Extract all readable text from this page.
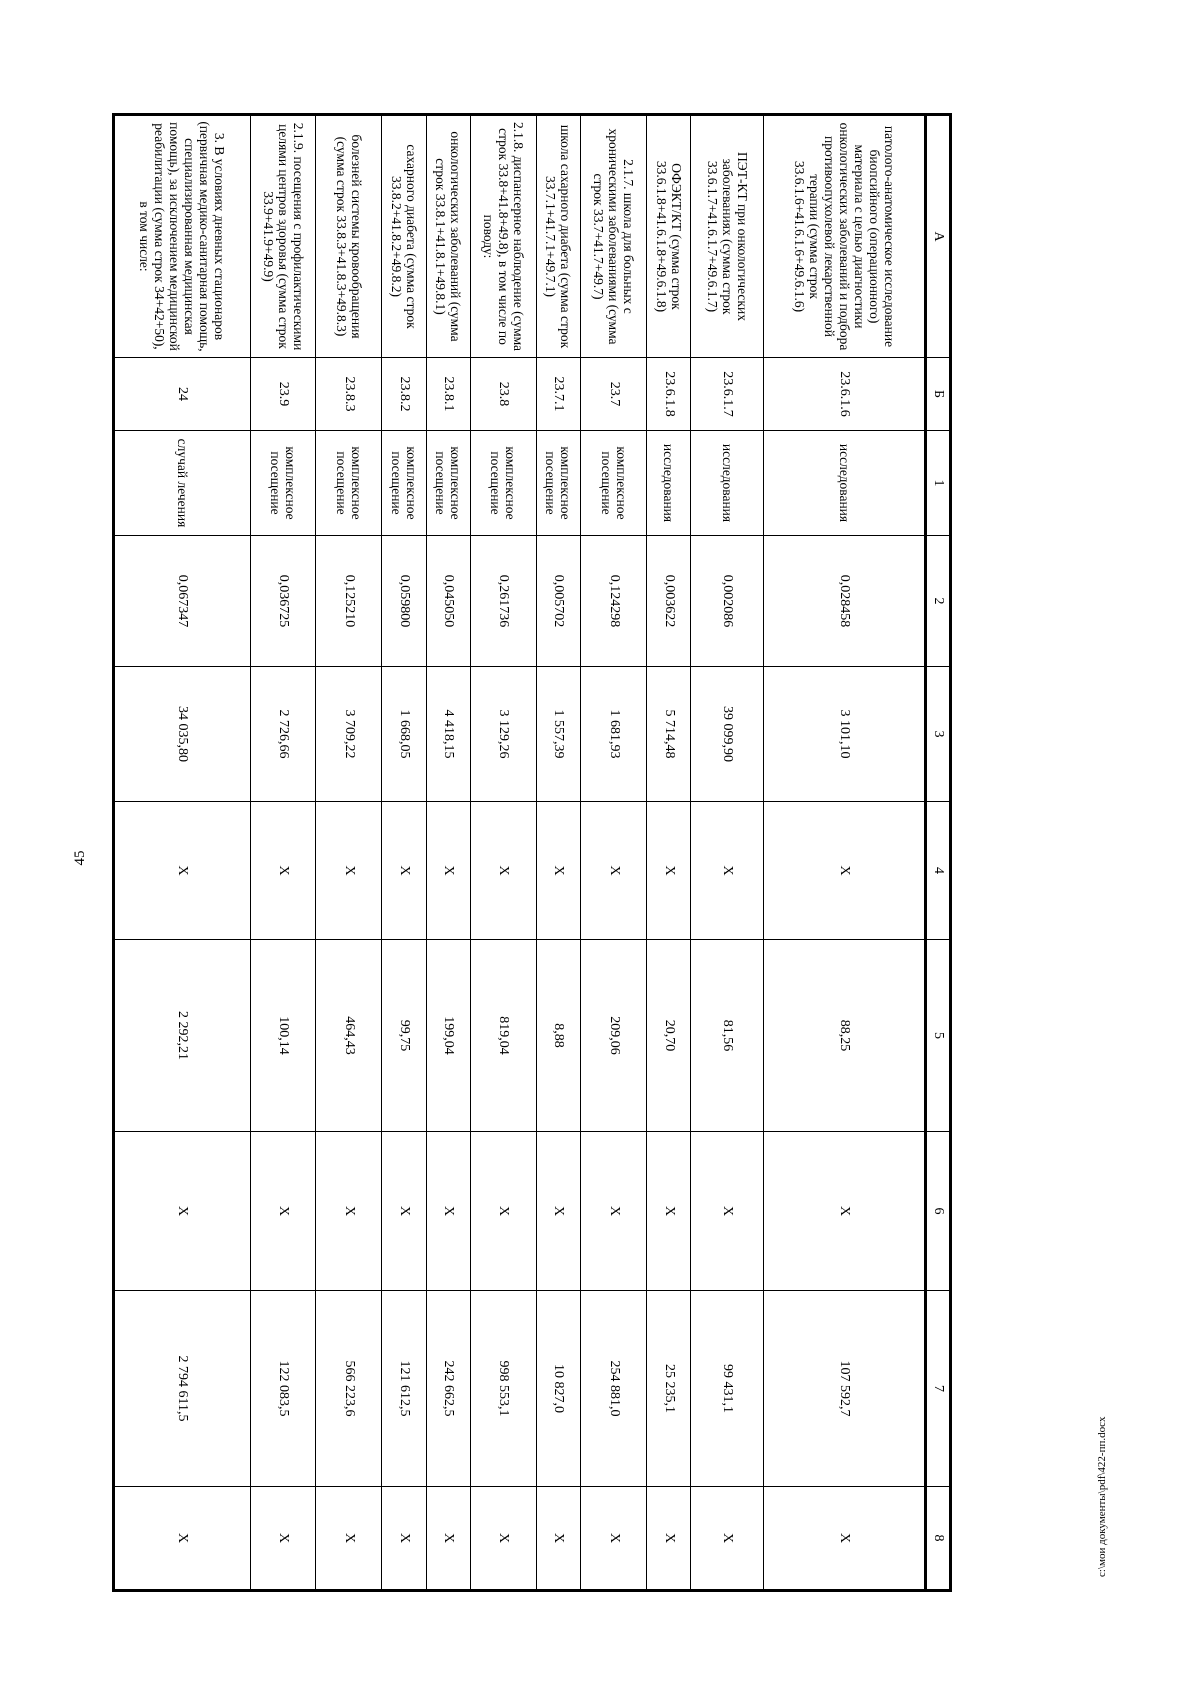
45
А	Б	1	2	3	4	5	6	7	8
патолого-анатомическое исследование биопсийного (операционного) материала с целью диагностики онкологических заболеваний и подбора противоопухолевой лекарственной терапии (сумма строк 33.6.1.6+41.6.1.6+49.6.1.6)	23.6.1.6	исследования	0,028458	3 101,10	Х	88,25	Х	107 592,7	Х
ПЭТ-КТ при онкологических заболеваниях (сумма строк 33.6.1.7+41.6.1.7+49.6.1.7)	23.6.1.7	исследования	0,002086	39 099,90	Х	81,56	Х	99 431,1	Х
ОФЭКТ/КТ (сумма строк 33.6.1.8+41.6.1.8+49.6.1.8)	23.6.1.8	исследования	0,003622	5 714,48	Х	20,70	Х	25 235,1	Х
2.1.7. школа для больных с хроническими заболеваниями (сумма строк 33.7+41.7+49.7)	23.7	комплексное посещение	0,124298	1 681,93	Х	209,06	Х	254 881,0	Х
школа сахарного диабета (сумма строк 33.7.1+41.7.1+49.7.1)	23.7.1	комплексное посещение	0,005702	1 557,39	Х	8,88	Х	10 827,0	Х
2.1.8. диспансерное наблюдение (сумма строк 33.8+41.8+49.8), в том числе по поводу:	23.8	комплексное посещение	0,261736	3 129,26	Х	819,04	Х	998 553,1	Х
онкологических заболеваний (сумма строк 33.8.1+41.8.1+49.8.1)	23.8.1	комплексное посещение	0,045050	4 418,15	Х	199,04	Х	242 662,5	Х
сахарного диабета (сумма строк 33.8.2+41.8.2+49.8.2)	23.8.2	комплексное посещение	0,059800	1 668,05	Х	99,75	Х	121 612,5	Х
болезней системы кровообращения (сумма строк 33.8.3+41.8.3+49.8.3)	23.8.3	комплексное посещение	0,125210	3 709,22	Х	464,43	Х	566 223,6	Х
2.1.9. посещения с профилактическими целями центров здоровья (сумма строк 33.9+41.9+49.9)	23.9	комплексное посещение	0,036725	2 726,66	Х	100,14	Х	122 083,5	Х
3. В условиях дневных стационаров (первичная медико-санитарная помощь, специализированная медицинская помощь), за исключением медицинской реабилитации (сумма строк 34+42+50), в том числе:	24	случай лечения	0,067347	34 035,80	Х	2 292,21	Х	2 794 611,5	Х	c:\мои документы\pdf\422-пп.docx
